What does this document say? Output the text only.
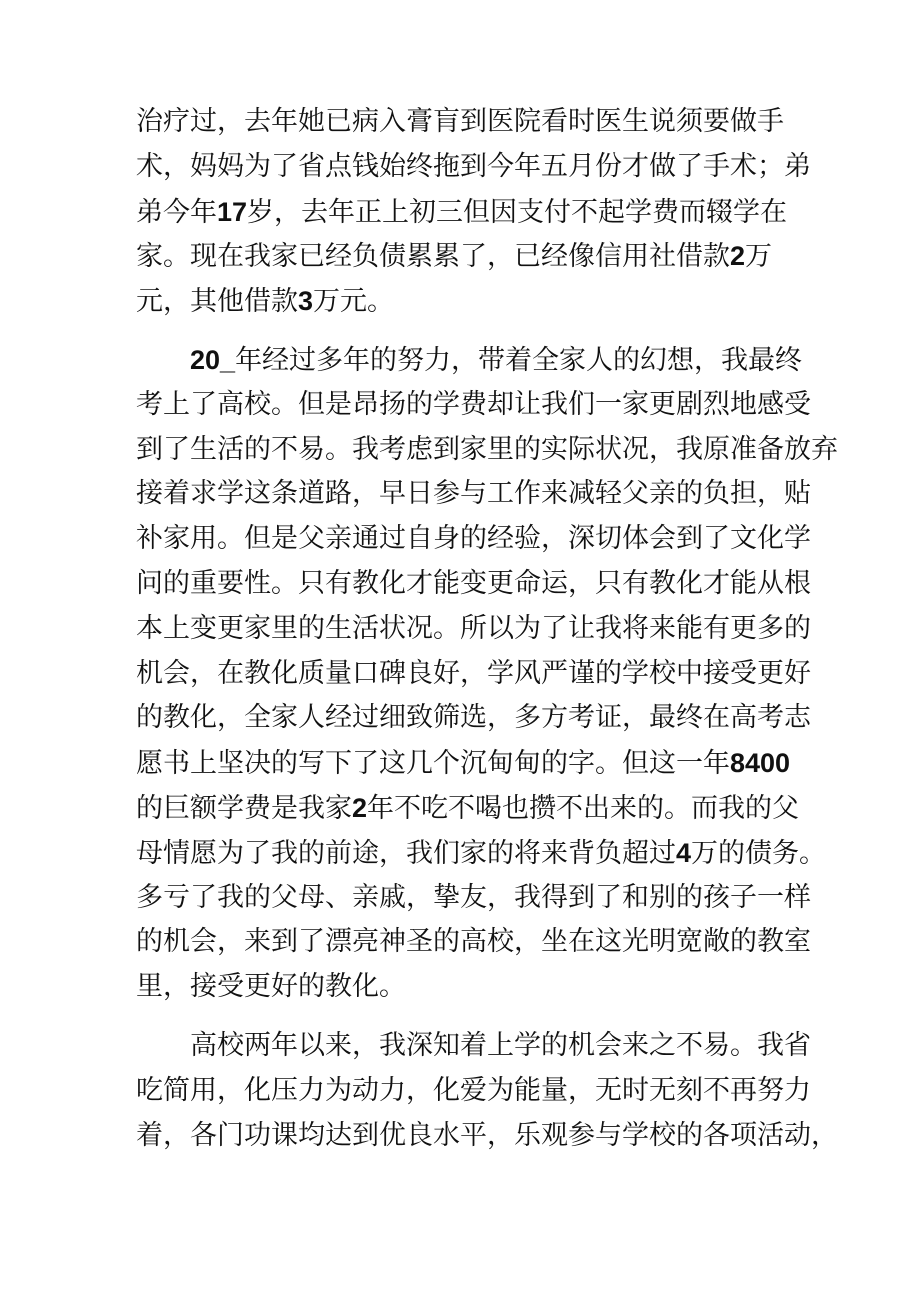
治疗过，去年她已病入膏肓到医院看时医生说须要做手
术，妈妈为了省点钱始终拖到今年五月份才做了手术；弟
弟今年17岁，去年正上初三但因支付不起学费而辍学在
家。现在我家已经负债累累了，已经像信用社借款2万
元，其他借款3万元。
20_年经过多年的努力，带着全家人的幻想，我最终
考上了高校。但是昂扬的学费却让我们一家更剧烈地感受
到了生活的不易。我考虑到家里的实际状况，我原准备放弃
接着求学这条道路，早日参与工作来减轻父亲的负担，贴
补家用。但是父亲通过自身的经验，深切体会到了文化学
问的重要性。只有教化才能变更命运，只有教化才能从根
本上变更家里的生活状况。所以为了让我将来能有更多的
机会，在教化质量口碑良好，学风严谨的学校中接受更好
的教化，全家人经过细致筛选，多方考证，最终在高考志
愿书上坚决的写下了这几个沉甸甸的字。但这一年8400
的巨额学费是我家2年不吃不喝也攒不出来的。而我的父
母情愿为了我的前途，我们家的将来背负超过4万的债务。
多亏了我的父母、亲戚，挚友，我得到了和别的孩子一样
的机会，来到了漂亮神圣的高校，坐在这光明宽敞的教室
里，接受更好的教化。
高校两年以来，我深知着上学的机会来之不易。我省
吃简用，化压力为动力，化爱为能量，无时无刻不再努力
着，各门功课均达到优良水平，乐观参与学校的各项活动，
